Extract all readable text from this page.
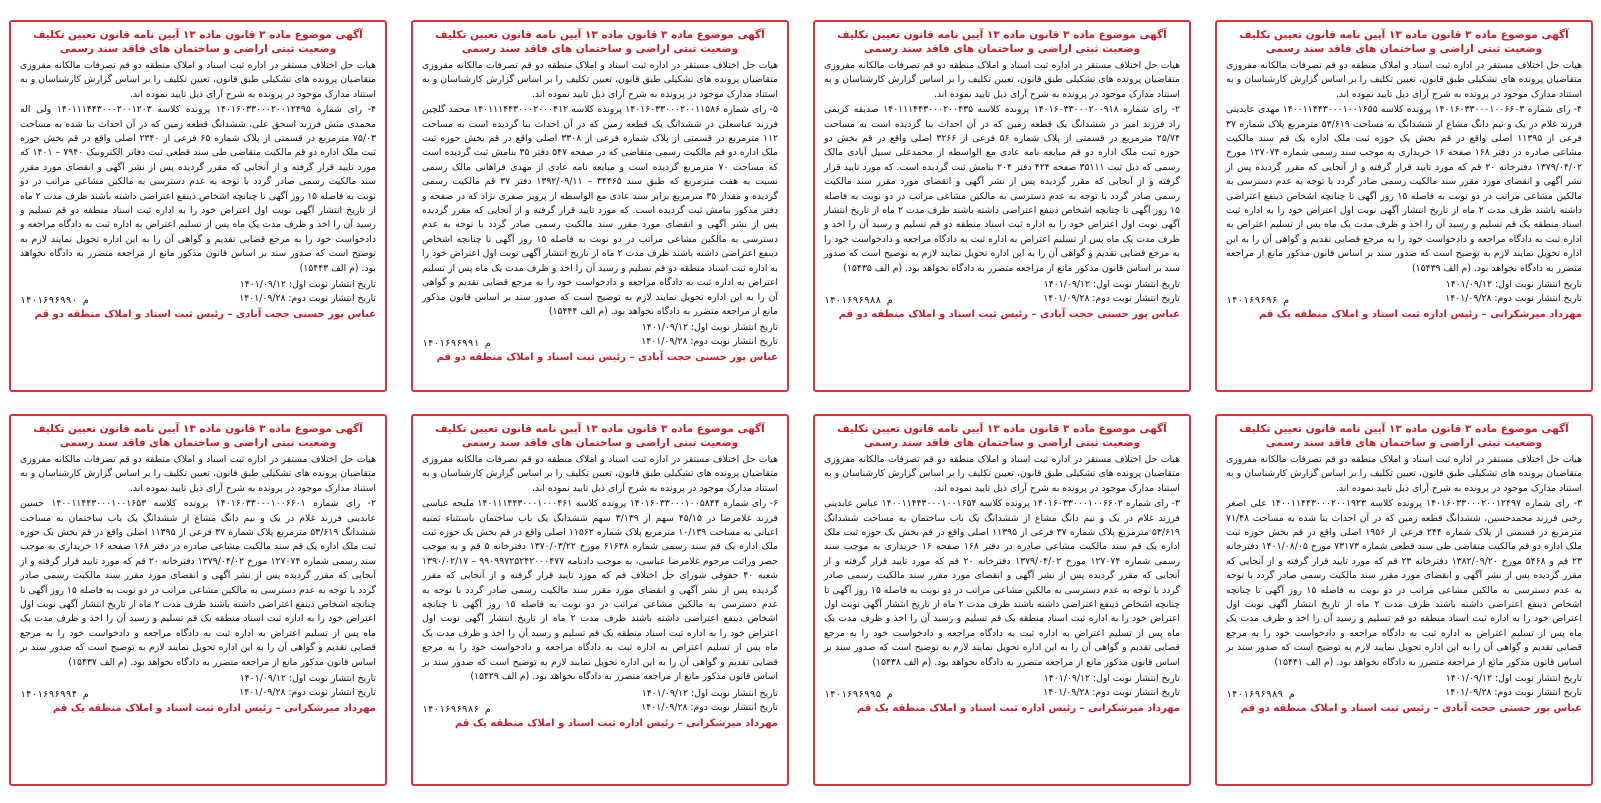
آگهی موضوع ماده ۳ قانون ماده ۱۳ آیین نامه قانون تعیین تکلیف

وضعیت ثبتی اراضی و ساختمان های فاقد سند رسمی

هیات حل اختلاف مستقر در اداره ثبت اسناد و املاک منطقه دو قم تصرفات مالکانه مفروزی متقاضیان پرونده های تشکیلی طبق قانون، تعیین تکلیف را بر اساس گزارش کارشناسان و به استناد مدارک موجود در پرونده به شرح آرای ذیل تایید نموده اند.

۴- رای شماره ۱۴۰۱۶۰۳۳۰۰۰۱۰۰۶۶۰۳ پرونده کلاسه ۱۴۰۰۱۱۴۴۳۰۰۰۱۰۰۱۶۵۵ مهدی عابدینی فرزند غلام در یک و نیم دانگ مشاع از ششدانگ به مساحت ۵۳/۶۱۹ مترمربع پلاک شماره ۳۷ فرعی از ۱۱۳۹۵ اصلی واقع در قم بخش یک حوزه ثبت ملک اداره یک قم سند مالکیت مشاعی صادره در دفتر ۱۶۸ صفحه ۱۶ خریداری به موجب سند رسمی شماره ۱۲۷۰۷۴ مورخ ۱۳۷۹/۰۴/۰۲ دفترخانه ۲۰ قم که مورد تایید قرار گرفته و از آنجایی که مقرر گردیده پس از نشر آگهی و انقضای مورد مقرر سند مالکیت رسمی صادر گردد با توجه به عدم دسترسی به مالکین مشاعی مراتب در دو نوبت به فاصله ۱۵ روز آگهی تا چنانچه اشخاص ذینفع اعتراضی داشته باشند ظرف مدت ۲ ماه از تاریخ انتشار آگهی نوبت اول اعتراض خود را به اداره ثبت اسناد منطقه یک قم تسلیم و رسید آن را اخذ و ظرف مدت یک ماه پس از تسلیم اعتراض به اداره ثبت به دادگاه مراجعه و دادخواست خود را به مرجع قضایی تقدیم و گواهی آن را به این اداره تحویل نمایند لازم به توضیح است که صدور سند بر اساس قانون مذکور مانع از مراجعه متضرر به دادگاه نخواهد بود. (م الف ۱۵۴۳۹)

تاریخ انتشار نوبت اول: ۱۴۰۱/۰۹/۱۲
تاریخ انتشار نوبت دوم: ۱۴۰۱/۰۹/۲۸
۱۴۰۱۶۹۶۹۶ م
مهرداد میرشکرانی – رئیس اداره ثبت اسناد و املاک منطقه یک قم

آگهی موضوع ماده ۳ قانون ماده ۱۳ آیین نامه قانون تعیین تکلیف

وضعیت ثبتی اراضی و ساختمان های فاقد سند رسمی

هیات حل اختلاف مستقر در اداره ثبت اسناد و املاک منطقه دو قم تصرفات مالکانه مفروزی متقاضیان پرونده های تشکیلی طبق قانون، تعیین تکلیف را بر اساس گزارش کارشناسان و به استناد مدارک موجود در پرونده به شرح آرای ذیل تایید نموده اند.

۲- رای شماره ۱۴۰۱۶۰۳۳۰۰۰۲۰۰۹۱۸ پرونده کلاسه ۱۴۰۱۱۱۴۴۳۰۰۰۲۰۰۴۳۵ صدیقه کریمی راد فرزند امیر در ششدانگ یک قطعه زمین که در آن احداث بنا گردیده است به مساحت ۲۵/۷۴ مترمربع در قسمتی از پلاک شماره ۵۶ فرعی از ۳۲۶۶ اصلی واقع در قم بخش دو حوزه ثبت ملک اداره دو قم مبایعه نامه عادی مع الواسطه از محمدعلی سبیل آبادی مالک رسمی که ذیل ثبت ۳۵۱۱۱ صفحه ۴۲۴ دفتر ۲۰۴ بنامش ثبت گردیده است. که مورد تایید قرار گرفته و از آنجایی که مقرر گردیده پس از نشر آگهی و انقضای مورد مقرر سند مالکیت رسمی صادر گردد با توجه به عدم دسترسی به مالکین مشاعی مراتب در دو نوبت به فاصله ۱۵ روز آگهی تا چنانچه اشخاص ذینفع اعتراضی داشته باشند ظرف مدت ۲ ماه از تاریخ انتشار آگهی نوبت اول اعتراض خود را به اداره ثبت اسناد منطقه دو قم تسلیم و رسید آن را اخذ و ظرف مدت یک ماه پس از تسلیم اعتراض به اداره ثبت به دادگاه مراجعه و دادخواست خود را به مرجع قضایی تقدیم و گواهی آن را به این اداره تحویل نمایند لازم به توضیح است که صدور سند بر اساس قانون مذکور مانع از مراجعه متضرر به دادگاه نخواهد بود. (م الف ۱۵۴۳۵)

تاریخ انتشار نوبت اول: ۱۴۰۱/۰۹/۱۲
تاریخ انتشار نوبت دوم: ۱۴۰۱/۰۹/۲۸
۱۴۰۱۶۹۶۹۸۸ م
عباس پور حسنی حجت آبادی – رئیس ثبت اسناد و املاک منطقه دو قم

آگهی موضوع ماده ۳ قانون ماده ۱۳ آیین نامه قانون تعیین تکلیف

وضعیت ثبتی اراضی و ساختمان های فاقد سند رسمی

هیات حل اختلاف مستقر در اداره ثبت اسناد و املاک منطقه دو قم تصرفات مالکانه مفروزی متقاضیان پرونده های تشکیلی طبق قانون، تعیین تکلیف را بر اساس گزارش کارشناسان و به استناد مدارک موجود در پرونده به شرح آرای ذیل تایید نموده اند.

۵- رای شماره ۱۴۰۱۶۰۳۳۰۰۰۲۰۰۱۱۵۸۶ پرونده کلاسه ۱۴۰۱۱۱۴۴۳۰۰۰۲۰۰۰۴۱۲ محمد گلچین فرزند عباسعلی در ششدانگ یک قطعه زمین که در آن احداث بنا گردیده است به مساحت ۱۱۲ مترمربع در قسمتی از پلاک شماره فرعی از ۳۳۰۸ اصلی واقع در قم بخش حوزه ثبت ملک اداره دو قم مالکیت رسمی متقاضی که در صفحه ۵۴۷ دفتر ۳۵ بنامش ثبت گردیده است که مساحت ۷۰ مترمربع گردیده است و مبایعه نامه عادی از مهدی فراهانی مالک رسمی نسبت به هفت مترمربع که طبق سند ۳۴۴۶۵ – ۱۳۹۲/۰۹/۱۱ دفتر ۳۷ قم مالکیت رسمی گردیده و مقدار ۳۵ مترمربع برابر سند عادی مع الواسطه از پرویز صفری نژاد که در صفحه و دفتر مذکور بنامش ثبت گردیده است. که مورد تایید قرار گرفته و از آنجایی که مقرر گردیده پس از نشر آگهی و انقضای مورد مقرر سند مالکیت رسمی صادر گردد با توجه به عدم دسترسی به مالکین مشاعی مراتب در دو نوبت به فاصله ۱۵ روز آگهی تا چنانچه اشخاص ذینفع اعتراضی داشته باشند ظرف مدت ۲ ماه از تاریخ انتشار آگهی نوبت اول اعتراض خود را به اداره ثبت اسناد منطقه دو قم تسلیم و رسید آن را اخذ و ظرف مدت یک ماه پس از تسلیم اعتراض به اداره ثبت به دادگاه مراجعه و دادخواست خود را به مرجع قضایی تقدیم و گواهی آن را به این اداره تحویل نمایند لازم به توضیح است که صدور سند بر اساس قانون مذکور مانع از مراجعه متضرر به دادگاه نخواهد بود. (م الف ۱۵۴۴۴)

تاریخ انتشار نوبت اول: ۱۴۰۱/۰۹/۱۲
تاریخ انتشار نوبت دوم: ۱۴۰۱/۰۹/۲۸
۱۴۰۱۶۹۶۹۹۱ م
عباس پور حسنی حجت آبادی – رئیس ثبت اسناد و املاک منطقه دو قم

آگهی موضوع ماده ۳ قانون ماده ۱۳ آیین نامه قانون تعیین تکلیف

وضعیت ثبتی اراضی و ساختمان های فاقد سند رسمی

هیات حل اختلاف مستقر در اداره ثبت اسناد و املاک منطقه دو قم تصرفات مالکانه مفروزی متقاضیان پرونده های تشکیلی طبق قانون، تعیین تکلیف را بر اساس گزارش کارشناسان و به استناد مدارک موجود در پرونده به شرح آرای ذیل تایید نموده اند.

۴- رای شماره ۱۴۰۱۶۰۳۳۰۰۰۲۰۰۱۲۴۹۵ پرونده کلاسه ۱۴۰۱۱۱۴۴۳۰۰۰۲۰۰۱۲۰۳ ولی اله محمدی منش فرزند اسحق علی، ششدانگ قطعه زمین که در آن احداث بنا شده به مساحت ۷۵/۰۳ مترمربع در قسمتی از پلاک شماره ۶۵ فرعی از ۲۳۴۰ اصلی واقع در قم بخش حوزه ثبت ملک اداره دو قم مالکیت متقاضی طی سند قطعی ثبت دفاتر الکترونیک ۷۹۴۰ – ۱۴۰۱ که مورد تایید قرار گرفته و از آنجایی که مقرر گردیده پس از نشر آگهی و انقضای مورد مقرر سند مالکیت رسمی صادر گردد با توجه به عدم دسترسی به مالکین مشاعی مراتب در دو نوبت به فاصله ۱۵ روز آگهی تا چنانچه اشخاص ذینفع اعتراضی داشته باشند ظرف مدت ۲ ماه از تاریخ انتشار آگهی نوبت اول اعتراض خود را به اداره ثبت اسناد منطقه دو قم تسلیم و رسید آن را اخذ و ظرف مدت یک ماه پس از تسلیم اعتراض به اداره ثبت به دادگاه مراجعه و دادخواست خود را به مرجع قضایی تقدیم و گواهی آن را به این اداره تحویل نمایند لازم به توضیح است که صدور سند بر اساس قانون مذکور مانع از مراجعه متضرر به دادگاه نخواهد بود. (م الف ۱۵۴۴۳)

تاریخ انتشار نوبت اول: ۱۴۰۱/۰۹/۱۲
تاریخ انتشار نوبت دوم: ۱۴۰۱/۰۹/۲۸
۱۴۰۱۶۹۶۹۹۰ م
عباس پور حسنی حجت آبادی – رئیس ثبت اسناد و املاک منطقه دو قم

آگهی موضوع ماده ۳ قانون ماده ۱۳ آیین نامه قانون تعیین تکلیف

وضعیت ثبتی اراضی و ساختمان های فاقد سند رسمی

هیات حل اختلاف مستقر در اداره ثبت اسناد و املاک منطقه دو قم تصرفات مالکانه مفروزی متقاضیان پرونده های تشکیلی طبق قانون، تعیین تکلیف را بر اساس گزارش کارشناسان و به استناد مدارک موجود در پرونده به شرح آرای ذیل تایید نموده اند.

۳- رای شماره ۱۴۰۱۶۰۳۳۰۰۰۲۰۰۱۲۴۹۷ پرونده کلاسه ۱۴۰۰۱۱۴۴۳۰۰۰۲۰۰۱۹۲۳ علی اصغر رجبی فرزند محمدحسین، ششدانگ قطعه زمین که در آن احداث بنا شده به مساحت ۷۱/۴۸ مترمربع در قسمتی از پلاک شماره ۲۴۴ فرعی از ۱۹۵۶ اصلی واقع در قم بخش حوزه ثبت ملک اداره دو قم مالکیت متقاضی طی سند قطعی شماره ۷۳۱۷۳ مورخ ۱۴۰۱/۰۸/۰۵ دفترخانه ۲۳ قم و ۵۴۶۸ مورخ ۱۳۸۲/۰۹/۲۰ دفترخانه ۲۳ قم که مورد تایید قرار گرفته و از آنجایی که مقرر گردیده پس از نشر آگهی و انقضای مورد مقرر سند مالکیت رسمی صادر گردد با توجه به عدم دسترسی به مالکین مشاعی مراتب در دو نوبت به فاصله ۱۵ روز آگهی تا چنانچه اشخاص ذینفع اعتراضی داشته باشند ظرف مدت ۲ ماه از تاریخ انتشار آگهی نوبت اول اعتراض خود را به اداره ثبت اسناد منطقه دو قم تسلیم و رسید آن را اخذ و ظرف مدت یک ماه پس از تسلیم اعتراض به اداره ثبت به دادگاه مراجعه و دادخواست خود را به مرجع قضایی تقدیم و گواهی آن را به این اداره تحویل نمایند لازم به توضیح است که صدور سند بر اساس قانون مذکور مانع از مراجعه متضرر به دادگاه نخواهد بود. (م الف ۱۵۴۴۱)

تاریخ انتشار نوبت اول: ۱۴۰۱/۰۹/۱۲
تاریخ انتشار نوبت دوم: ۱۴۰۱/۰۹/۲۸
۱۴۰۱۶۹۶۹۸۹ م
عباس پور حسنی حجت آبادی – رئیس ثبت اسناد و املاک منطقه دو قم

آگهی موضوع ماده ۳ قانون ماده ۱۳ آیین نامه قانون تعیین تکلیف

وضعیت ثبتی اراضی و ساختمان های فاقد سند رسمی

هیات حل اختلاف مستقر در اداره ثبت اسناد و املاک منطقه دو قم تصرفات مالکانه مفروزی متقاضیان پرونده های تشکیلی طبق قانون، تعیین تکلیف را بر اساس گزارش کارشناسان و به استناد مدارک موجود در پرونده به شرح آرای ذیل تایید نموده اند.

۳- رای شماره ۱۴۰۱۶۰۳۳۰۰۰۱۰۰۶۶۰۲ پرونده کلاسه ۱۴۰۰۱۱۴۴۳۰۰۰۱۰۰۱۶۵۴ عباس عابدینی فرزند غلام در یک و نیم دانگ مشاع از ششدانگ یک باب ساختمان به مساحت ششدانگ ۵۳/۶۱۹ مترمربع پلاک شماره ۳۷ فرعی از ۱۱۳۹۵ اصلی واقع در قم بخش یک حوزه ثبت ملک اداره یک قم سند مالکیت مشاعی صادره در دفتر ۱۶۸ صفحه ۱۶ خریداری به موجب سند رسمی شماره ۱۲۷۰۷۴ مورخ ۱۳۷۹/۰۴/۰۲ دفترخانه ۲۰ قم که مورد تایید قرار گرفته و از آنجایی که مقرر گردیده پس از نشر آگهی و انقضای مورد مقرر سند مالکیت رسمی صادر گردد با توجه به عدم دسترسی به مالکین مشاعی مراتب در دو نوبت به فاصله ۱۵ روز آگهی تا چنانچه اشخاص ذینفع اعتراضی داشته باشند ظرف مدت ۲ ماه از تاریخ انتشار آگهی نوبت اول اعتراض خود را به اداره ثبت اسناد منطقه یک قم تسلیم و رسید آن را اخذ و ظرف مدت یک ماه پس از تسلیم اعتراض به اداره ثبت به دادگاه مراجعه و دادخواست خود را به مرجع قضایی تقدیم و گواهی آن را به این اداره تحویل نمایند لازم به توضیح است که صدور سند بر اساس قانون مذکور مانع از مراجعه متضرر به دادگاه نخواهد بود. (م الف ۱۵۴۳۸)

تاریخ انتشار نوبت اول: ۱۴۰۱/۰۹/۱۲
تاریخ انتشار نوبت دوم: ۱۴۰۱/۰۹/۲۸
۱۴۰۱۶۹۶۹۹۵ م
مهرداد میرشکرانی – رئیس اداره ثبت اسناد و املاک منطقه یک قم

آگهی موضوع ماده ۳ قانون ماده ۱۳ آیین نامه قانون تعیین تکلیف

وضعیت ثبتی اراضی و ساختمان های فاقد سند رسمی

هیات حل اختلاف مستقر در اداره ثبت اسناد و املاک منطقه دو قم تصرفات مالکانه مفروزی متقاضیان پرونده های تشکیلی طبق قانون، تعیین تکلیف را بر اساس گزارش کارشناسان و به استناد مدارک موجود در پرونده به شرح آرای ذیل تایید نموده اند.

۶- رای شماره ۱۴۰۱۶۰۳۳۰۰۰۱۰۰۵۸۴۴ پرونده کلاسه ۱۴۰۱۱۱۴۴۳۰۰۰۱۰۰۰۴۶۱ ملیحه عباسی فرزند غلامرضا در ۴۵/۱۵ سهم از ۳/۱۳۹ سهم ششدانگ یک باب ساختمان باستثناء ثمنیه اعیانی به مساحت ۱۰/۱۳۹ مترمربع پلاک شماره ۱۱۵۶۲ اصلی واقع در قم بخش یک حوزه ثبت ملک اداره یک قم سند رسمی شماره ۶۱۶۳۸ مورخ ۱۳۷۰/۰۳/۲۲ دفترخانه ۵ قم و به موجب حصر وراثت مرحوم غلامرضا عباسی، به موجب دادنامه ۹۹۰۹۹۷۲۵۲۴۲۰۰۰۴۷۷ – ۱۳۹۰/۰۲/۱۷ شعبه ۴۰ حقوقی شورای حل اختلاف قم که مورد تایید قرار گرفته و از آنجایی که مقرر گردیده پس از نشر آگهی و انقضای مورد مقرر سند مالکیت رسمی صادر گردد با توجه به عدم دسترسی به مالکین مشاعی مراتب در دو نوبت به فاصله ۱۵ روز آگهی تا چنانچه اشخاص ذینفع اعتراضی داشته باشند ظرف مدت ۲ ماه از تاریخ انتشار آگهی نوبت اول اعتراض خود را به اداره ثبت اسناد منطقه یک قم تسلیم و رسید آن را اخذ و ظرف مدت یک ماه پس از تسلیم اعتراض به اداره ثبت به دادگاه مراجعه و دادخواست خود را به مرجع قضایی تقدیم و گواهی آن را به این اداره تحویل نمایند لازم به توضیح است که صدور سند بر اساس قانون مذکور مانع از مراجعه متضرر به دادگاه نخواهد بود. (م الف ۱۵۴۲۹)

تاریخ انتشار نوبت اول: ۱۴۰۱/۰۹/۱۲
تاریخ انتشار نوبت دوم: ۱۴۰۱/۰۹/۲۸
۱۴۰۱۶۹۶۹۸۶ م
مهرداد میرشکرانی – رئیس اداره ثبت اسناد و املاک منطقه یک قم

آگهی موضوع ماده ۳ قانون ماده ۱۳ آیین نامه قانون تعیین تکلیف

وضعیت ثبتی اراضی و ساختمان های فاقد سند رسمی

هیات حل اختلاف مستقر در اداره ثبت اسناد و املاک منطقه دو قم تصرفات مالکانه مفروزی متقاضیان پرونده های تشکیلی طبق قانون، تعیین تکلیف را بر اساس گزارش کارشناسان و به استناد مدارک موجود در پرونده به شرح آرای ذیل تایید نموده اند.

۲- رای شماره ۱۴۰۱۶۰۳۳۰۰۰۱۰۰۶۶۰۱ پرونده کلاسه ۱۴۰۰۱۱۴۴۳۰۰۰۱۰۰۱۶۵۳ حسین عابدینی فرزند غلام در یک و نیم دانگ مشاع از ششدانگ یک باب ساختمان به مساحت ششدانگ ۵۳/۶۱۹ مترمربع پلاک شماره ۳۷ فرعی از ۱۱۳۹۵ اصلی واقع در قم بخش یک حوزه ثبت ملک اداره یک قم سند مالکیت مشاعی صادره در دفتر ۱۶۸ صفحه ۱۶ خریداری به موجب سند رسمی شماره ۱۲۷۰۷۴ مورخ ۱۳۷۹/۰۴/۰۲ دفترخانه ۲۰ قم که مورد تایید قرار گرفته و از آنجایی که مقرر گردیده پس از نشر آگهی و انقضای مورد مقرر سند مالکیت رسمی صادر گردد با توجه به عدم دسترسی به مالکین مشاعی مراتب در دو نوبت به فاصله ۱۵ روز آگهی تا چنانچه اشخاص ذینفع اعتراضی داشته باشند ظرف مدت ۲ ماه از تاریخ انتشار آگهی نوبت اول اعتراض خود را به اداره ثبت اسناد منطقه یک قم تسلیم و رسید آن را اخذ و ظرف مدت یک ماه پس از تسلیم اعتراض به اداره ثبت به دادگاه مراجعه و دادخواست خود را به مرجع قضایی تقدیم و گواهی آن را به این اداره تحویل نمایند لازم به توضیح است که صدور سند بر اساس قانون مذکور مانع از مراجعه متضرر به دادگاه نخواهد بود. (م الف ۱۵۴۳۷)

تاریخ انتشار نوبت اول: ۱۴۰۱/۰۹/۱۲
تاریخ انتشار نوبت دوم: ۱۴۰۱/۰۹/۲۸
۱۴۰۱۶۹۶۹۹۴ م
مهرداد میرشکرانی – رئیس اداره ثبت اسناد و املاک منطقه یک قم
